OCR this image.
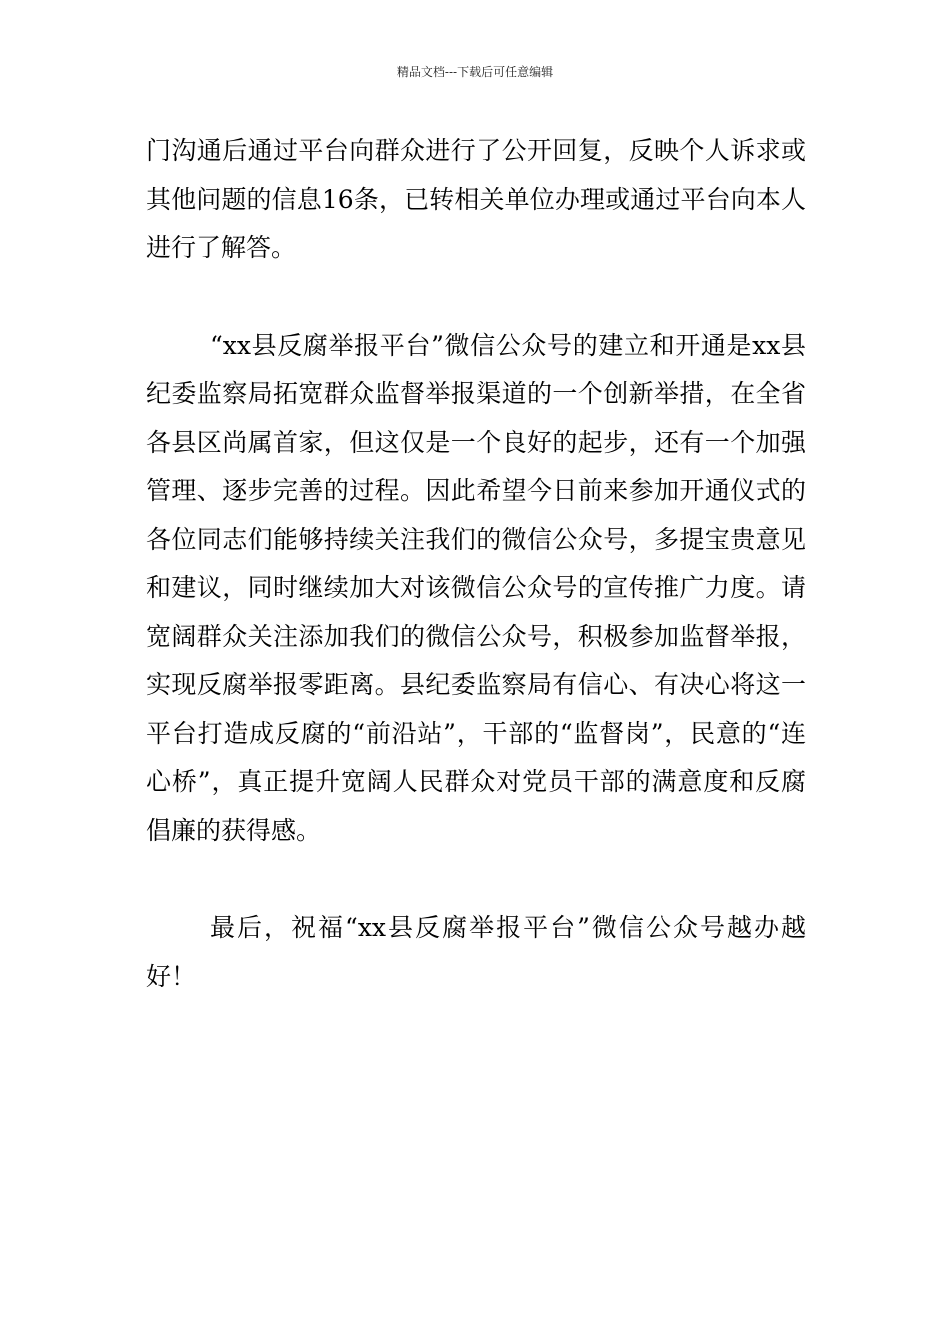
精品文档---下载后可任意编辑

门沟通后通过平台向群众进行了公开回复，反映个人诉求或其他问题的信息16条，已转相关单位办理或通过平台向本人进行了解答。

“xx县反腐举报平台”微信公众号的建立和开通是xx县纪委监察局拓宽群众监督举报渠道的一个创新举措，在全省各县区尚属首家，但这仅是一个良好的起步，还有一个加强管理、逐步完善的过程。因此希望今日前来参加开通仪式的各位同志们能够持续关注我们的微信公众号，多提宝贵意见和建议，同时继续加大对该微信公众号的宣传推广力度。请宽阔群众关注添加我们的微信公众号，积极参加监督举报，实现反腐举报零距离。县纪委监察局有信心、有决心将这一平台打造成反腐的“前沿站”，干部的“监督岗”，民意的“连心桥”，真正提升宽阔人民群众对党员干部的满意度和反腐倡廉的获得感。

最后，祝福“xx县反腐举报平台”微信公众号越办越好！
